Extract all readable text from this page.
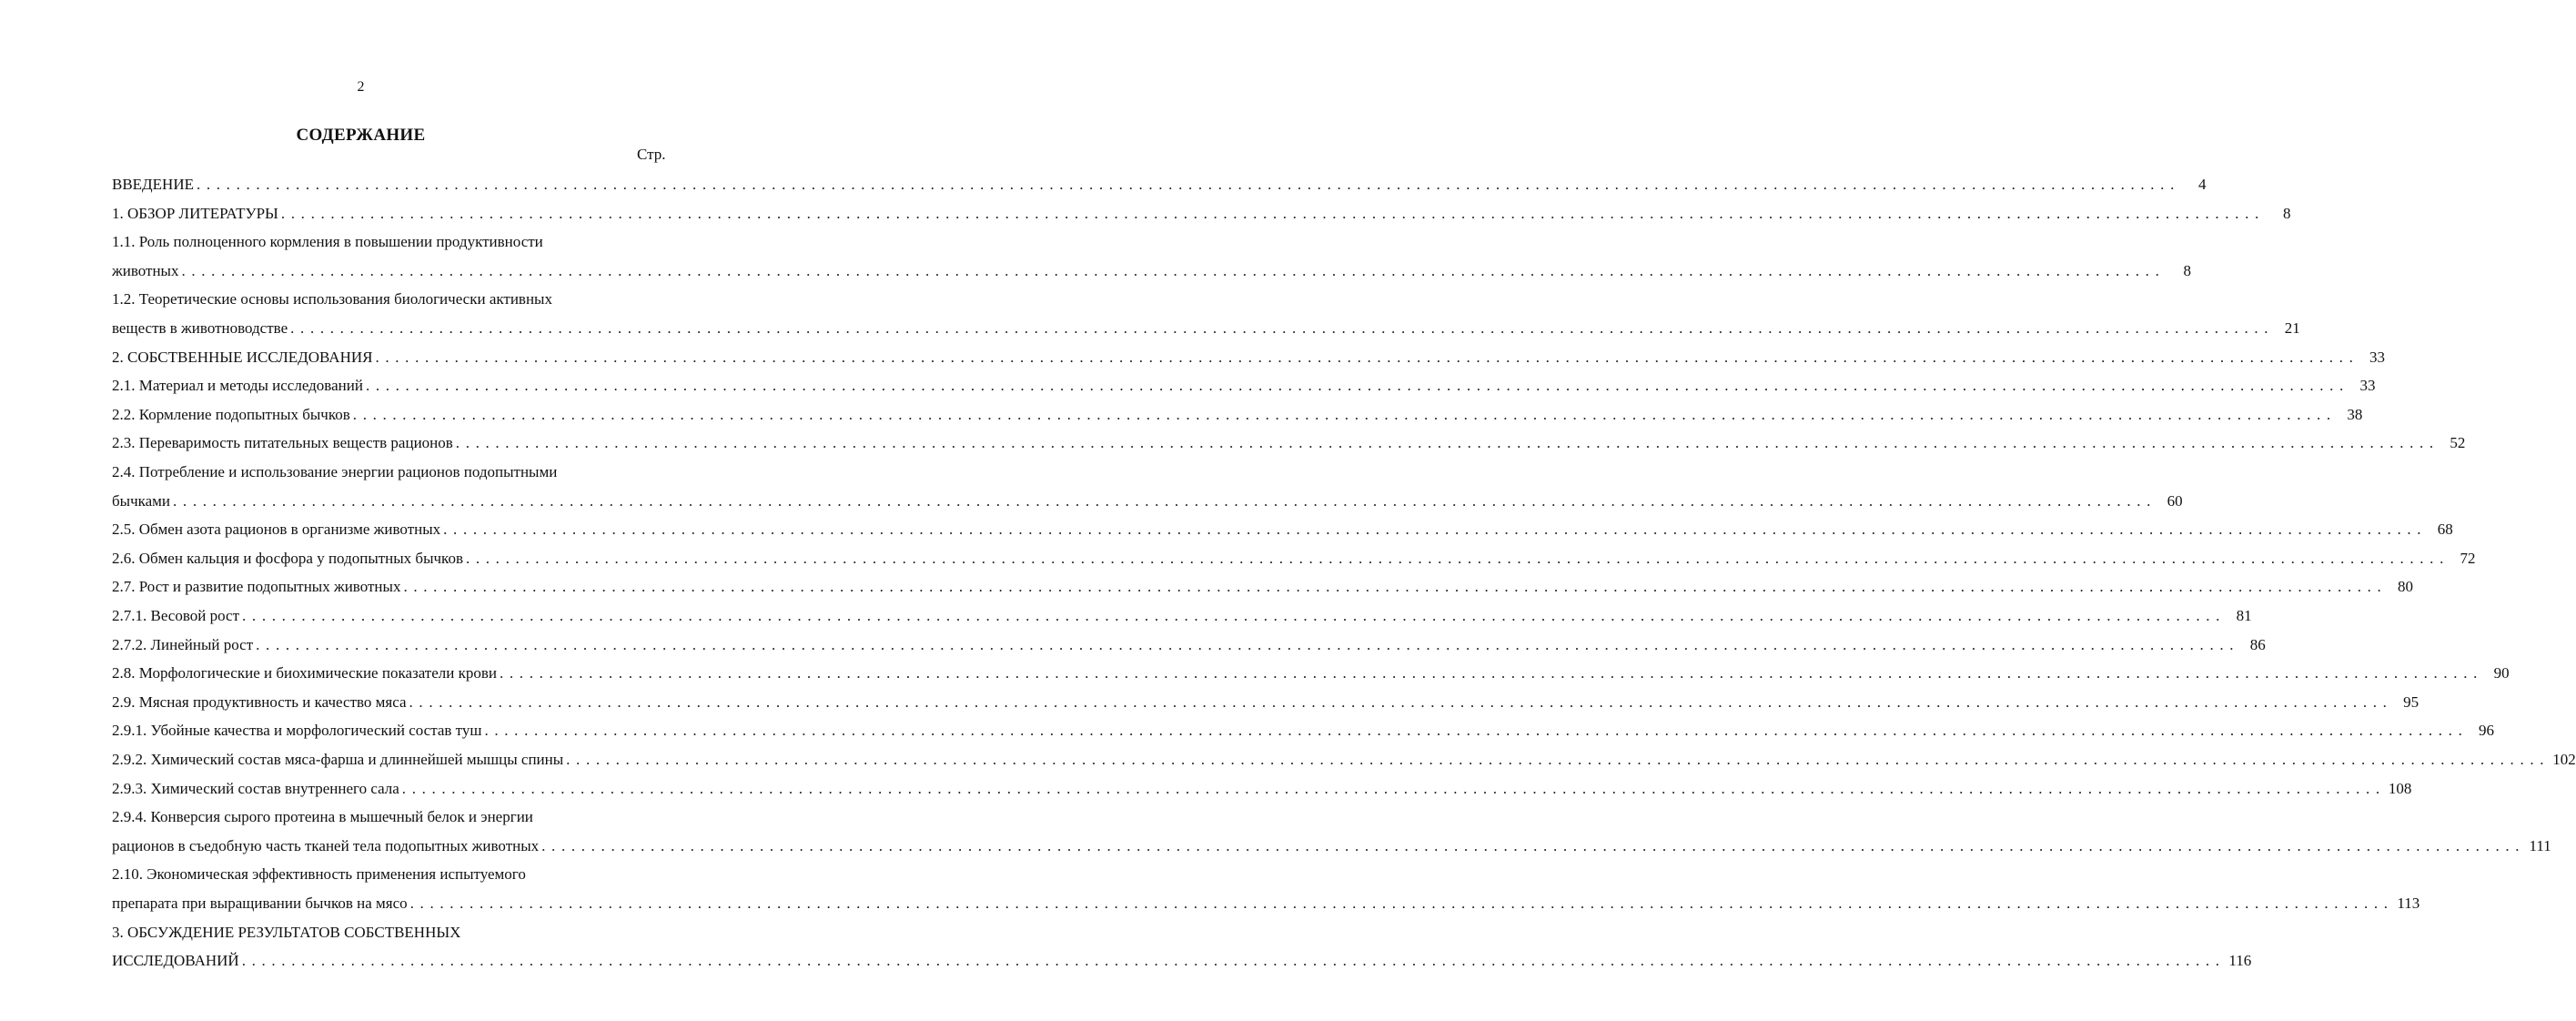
2
СОДЕРЖАНИЕ
Стр.
ВВЕДЕНИЕ . . . . . . . . . . . . . . . . . . . . . . . . . . . . . . . . . . . . . . . . . . . . . . . . . . . . . . . . . . . . . . . . . . . . . . . . . . . . . . . . . . . . . . . . . . . . . . . . . . . . . . . . . . . . . . . . . . . . . . . . . . . . . . . . . . . . . . . . . . . . . . . . . . . . . . . . . . . . . . . . . . . . . . . . . . . . . . . . . . . . . . . . . . . . . . . . . . . . . . . .	4
1. ОБЗОР ЛИТЕРАТУРЫ . . . . . . . . . . . . . . . . . . . . . . . . . . . . . . . . . . . . . . . . . . . . . . . . . . . . . . . . . . . . . . . . . . . . . . . . . . . . . . . . . . . . . . . . . . . . . . . . . . . . . . . . . . . . . . . . . . . . . . . . . . . . . . . . . . . . . . . . . . . . . . . . . . . . . . . . . . . . . . . . . . . . . . . . . . . . . . . . . . . . . . . . . . . . . . . . . . . . . . . .	8
1.1. Роль полноценного кормления в повышении продуктивности
животных . . . . . . . . . . . . . . . . . . . . . . . . . . . . . . . . . . . . . . . . . . . . . . . . . . . . . . . . . . . . . . . . . . . . . . . . . . . . . . . . . . . . . . . . . . . . . . . . . . . . . . . . . . . . . . . . . . . . . . . . . . . . . . . . . . . . . . . . . . . . . . . . . . . . . . . . . . . . . . . . . . . . . . . . . . . . . . . . . . . . . . . . . . . . . . . . . . . . . . . .	8
1.2. Теоретические основы использования биологически активных
веществ в животноводстве . . . . . . . . . . . . . . . . . . . . . . . . . . . . . . . . . . . . . . . . . . . . . . . . . . . . . . . . . . . . . . . . . . . . . . . . . . . . . . . . . . . . . . . . . . . . . . . . . . . . . . . . . . . . . . . . . . . . . . . . . . . . . . . . . . . . . . . . . . . . . . . . . . . . . . . . . . . . . . . . . . . . . . . . . . . . . . . . . . . . . . . . . . . . . . . . . . . . . . . .	21
2. СОБСТВЕННЫЕ ИССЛЕДОВАНИЯ . . . . . . . . . . . . . . . . . . . . . . . . . . . . . . . . . . . . . . . . . . . . . . . . . . . . . . . . . . . . . . . . . . . . . . . . . . . . . . . . . . . . . . . . . . . . . . . . . . . . . . . . . . . . . . . . . . . . . . . . . . . . . . . . . . . . . . . . . . . . . . . . . . . . . . . . . . . . . . . . . . . . . . . . . . . . . . . . . . . . . . . . . . . . . . . . . . . . . . . .	33
2.1. Материал и методы исследований . . . . . . . . . . . . . . . . . . . . . . . . . . . . . . . . . . . . . . . . . . . . . . . . . . . . . . . . . . . . . . . . . . . . . . . . . . . . . . . . . . . . . . . . . . . . . . . . . . . . . . . . . . . . . . . . . . . . . . . . . . . . . . . . . . . . . . . . . . . . . . . . . . . . . . . . . . . . . . . . . . . . . . . . . . . . . . . . . . . . . . . . . . . . . . . . . . . . . . . .	33
2.2. Кормление подопытных бычков . . . . . . . . . . . . . . . . . . . . . . . . . . . . . . . . . . . . . . . . . . . . . . . . . . . . . . . . . . . . . . . . . . . . . . . . . . . . . . . . . . . . . . . . . . . . . . . . . . . . . . . . . . . . . . . . . . . . . . . . . . . . . . . . . . . . . . . . . . . . . . . . . . . . . . . . . . . . . . . . . . . . . . . . . . . . . . . . . . . . . . . . . . . . . . . . . . . . . . . .	38
2.3. Переваримость питательных веществ рационов . . . . . . . . . . . . . . . . . . . . . . . . . . . . . . . . . . . . . . . . . . . . . . . . . . . . . . . . . . . . . . . . . . . . . . . . . . . . . . . . . . . . . . . . . . . . . . . . . . . . . . . . . . . . . . . . . . . . . . . . . . . . . . . . . . . . . . . . . . . . . . . . . . . . . . . . . . . . . . . . . . . . . . . . . . . . . . . . . . . . . . . . . . . . . . . . . . . . . . . .	52
2.4. Потребление и использование энергии рационов подопытными
бычками . . . . . . . . . . . . . . . . . . . . . . . . . . . . . . . . . . . . . . . . . . . . . . . . . . . . . . . . . . . . . . . . . . . . . . . . . . . . . . . . . . . . . . . . . . . . . . . . . . . . . . . . . . . . . . . . . . . . . . . . . . . . . . . . . . . . . . . . . . . . . . . . . . . . . . . . . . . . . . . . . . . . . . . . . . . . . . . . . . . . . . . . . . . . . . . . . . . . . . . .	60
2.5. Обмен азота рационов в организме животных . . . . . . . . . . . . . . . . . . . . . . . . . . . . . . . . . . . . . . . . . . . . . . . . . . . . . . . . . . . . . . . . . . . . . . . . . . . . . . . . . . . . . . . . . . . . . . . . . . . . . . . . . . . . . . . . . . . . . . . . . . . . . . . . . . . . . . . . . . . . . . . . . . . . . . . . . . . . . . . . . . . . . . . . . . . . . . . . . . . . . . . . . . . . . . . . . . . . . . . .	68
2.6. Обмен кальция и фосфора у подопытных бычков . . . . . . . . . . . . . . . . . . . . . . . . . . . . . . . . . . . . . . . . . . . . . . . . . . . . . . . . . . . . . . . . . . . . . . . . . . . . . . . . . . . . . . . . . . . . . . . . . . . . . . . . . . . . . . . . . . . . . . . . . . . . . . . . . . . . . . . . . . . . . . . . . . . . . . . . . . . . . . . . . . . . . . . . . . . . . . . . . . . . . . . . . . . . . . . . . . . . . . . .	72
2.7. Рост и развитие подопытных животных . . . . . . . . . . . . . . . . . . . . . . . . . . . . . . . . . . . . . . . . . . . . . . . . . . . . . . . . . . . . . . . . . . . . . . . . . . . . . . . . . . . . . . . . . . . . . . . . . . . . . . . . . . . . . . . . . . . . . . . . . . . . . . . . . . . . . . . . . . . . . . . . . . . . . . . . . . . . . . . . . . . . . . . . . . . . . . . . . . . . . . . . . . . . . . . . . . . . . . . .	80
2.7.1. Весовой рост . . . . . . . . . . . . . . . . . . . . . . . . . . . . . . . . . . . . . . . . . . . . . . . . . . . . . . . . . . . . . . . . . . . . . . . . . . . . . . . . . . . . . . . . . . . . . . . . . . . . . . . . . . . . . . . . . . . . . . . . . . . . . . . . . . . . . . . . . . . . . . . . . . . . . . . . . . . . . . . . . . . . . . . . . . . . . . . . . . . . . . . . . . . . . . . . . . . . . . . .	81
2.7.2. Линейный рост . . . . . . . . . . . . . . . . . . . . . . . . . . . . . . . . . . . . . . . . . . . . . . . . . . . . . . . . . . . . . . . . . . . . . . . . . . . . . . . . . . . . . . . . . . . . . . . . . . . . . . . . . . . . . . . . . . . . . . . . . . . . . . . . . . . . . . . . . . . . . . . . . . . . . . . . . . . . . . . . . . . . . . . . . . . . . . . . . . . . . . . . . . . . . . . . . . . . . . . .	86
2.8. Морфологические и биохимические показатели крови . . . . . . . . . . . . . . . . . . . . . . . . . . . . . . . . . . . . . . . . . . . . . . . . . . . . . . . . . . . . . . . . . . . . . . . . . . . . . . . . . . . . . . . . . . . . . . . . . . . . . . . . . . . . . . . . . . . . . . . . . . . . . . . . . . . . . . . . . . . . . . . . . . . . . . . . . . . . . . . . . . . . . . . . . . . . . . . . . . . . . . . . . . . . . . . . . . . . . . . .	90
2.9. Мясная продуктивность и качество мяса . . . . . . . . . . . . . . . . . . . . . . . . . . . . . . . . . . . . . . . . . . . . . . . . . . . . . . . . . . . . . . . . . . . . . . . . . . . . . . . . . . . . . . . . . . . . . . . . . . . . . . . . . . . . . . . . . . . . . . . . . . . . . . . . . . . . . . . . . . . . . . . . . . . . . . . . . . . . . . . . . . . . . . . . . . . . . . . . . . . . . . . . . . . . . . . . . . . . . . . .	95
2.9.1. Убойные качества и морфологический состав туш . . . . . . . . . . . . . . . . . . . . . . . . . . . . . . . . . . . . . . . . . . . . . . . . . . . . . . . . . . . . . . . . . . . . . . . . . . . . . . . . . . . . . . . . . . . . . . . . . . . . . . . . . . . . . . . . . . . . . . . . . . . . . . . . . . . . . . . . . . . . . . . . . . . . . . . . . . . . . . . . . . . . . . . . . . . . . . . . . . . . . . . . . . . . . . . . . . . . . . . .	96
2.9.2. Химический состав мяса-фарша и длиннейшей мышцы спины . . . . . . . . . . . . . . . . . . . . . . . . . . . . . . . . . . . . . . . . . . . . . . . . . . . . . . . . . . . . . . . . . . . . . . . . . . . . . . . . . . . . . . . . . . . . . . . . . . . . . . . . . . . . . . . . . . . . . . . . . . . . . . . . . . . . . . . . . . . . . . . . . . . . . . . . . . . . . . . . . . . . . . . . . . . . . . . . . . . . . . . . . . . . . . . . . . . . . . . . 102
2.9.3. Химический состав внутреннего сала . . . . . . . . . . . . . . . . . . . . . . . . . . . . . . . . . . . . . . . . . . . . . . . . . . . . . . . . . . . . . . . . . . . . . . . . . . . . . . . . . . . . . . . . . . . . . . . . . . . . . . . . . . . . . . . . . . . . . . . . . . . . . . . . . . . . . . . . . . . . . . . . . . . . . . . . . . . . . . . . . . . . . . . . . . . . . . . . . . . . . . . . . . . . . . . . . . . . . . . . 108
2.9.4. Конверсия сырого протеина в мышечный белок и энергии
рационов в съедобную часть тканей тела подопытных животных . . . . . . . . . . . . . . . . . . . . . . . . . . . . . . . . . . . . . . . . . . . . . . . . . . . . . . . . . . . . . . . . . . . . . . . . . . . . . . . . . . . . . . . . . . . . . . . . . . . . . . . . . . . . . . . . . . . . . . . . . . . . . . . . . . . . . . . . . . . . . . . . . . . . . . . . . . . . . . . . . . . . . . . . . . . . . . . . . . . . . . . . . . . . . . . . . . . . . . . . 111
2.10. Экономическая эффективность применения испытуемого
препарата при выращивании бычков на мясо . . . . . . . . . . . . . . . . . . . . . . . . . . . . . . . . . . . . . . . . . . . . . . . . . . . . . . . . . . . . . . . . . . . . . . . . . . . . . . . . . . . . . . . . . . . . . . . . . . . . . . . . . . . . . . . . . . . . . . . . . . . . . . . . . . . . . . . . . . . . . . . . . . . . . . . . . . . . . . . . . . . . . . . . . . . . . . . . . . . . . . . . . . . . . . . . . . . . . . . . 113
3. ОБСУЖДЕНИЕ РЕЗУЛЬТАТОВ СОБСТВЕННЫХ
ИССЛЕДОВАНИЙ . . . . . . . . . . . . . . . . . . . . . . . . . . . . . . . . . . . . . . . . . . . . . . . . . . . . . . . . . . . . . . . . . . . . . . . . . . . . . . . . . . . . . . . . . . . . . . . . . . . . . . . . . . . . . . . . . . . . . . . . . . . . . . . . . . . . . . . . . . . . . . . . . . . . . . . . . . . . . . . . . . . . . . . . . . . . . . . . . . . . . . . . . . . . . . . . . . . . . . . . 116
